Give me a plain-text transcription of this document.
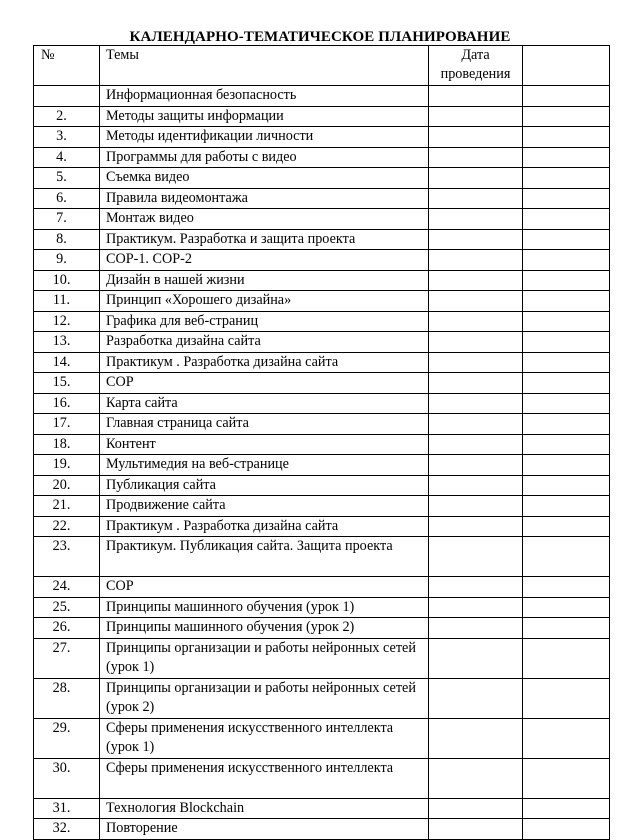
КАЛЕНДАРНО-ТЕМАТИЧЕСКОЕ ПЛАНИРОВАНИЕ
№	Темы	Дата проведения	
	Информационная безопасность		
2.	Методы защиты информации		
3.	Методы идентификации личности		
4.	Программы для работы с видео		
5.	Съемка видео		
6.	Правила видеомонтажа		
7.	Монтаж видео		
8.	Практикум. Разработка и защита проекта		
9.	СОР-1. СОР-2		
10.	Дизайн в нашей жизни		
11.	Принцип «Хорошего дизайна»		
12.	Графика для веб-страниц		
13.	Разработка дизайна сайта		
14.	Практикум . Разработка дизайна сайта		
15.	СОР		
16.	Карта сайта		
17.	Главная страница сайта		
18.	Контент		
19.	Мультимедия на веб-странице		
20.	Публикация сайта		
21.	Продвижение сайта		
22.	Практикум . Разработка дизайна сайта		
23.	Практикум. Публикация сайта. Защита проекта		
24.	СОР		
25.	Принципы машинного обучения (урок 1)		
26.	Принципы машинного обучения (урок 2)		
27.	Принципы организации и работы нейронных сетей (урок 1)		
28.	Принципы организации и работы нейронных сетей (урок 2)		
29.	Сферы применения искусственного интеллекта (урок 1)		
30.	Сферы применения искусственного интеллекта		
31.	Технология Blockchain		
32.	Повторение		
